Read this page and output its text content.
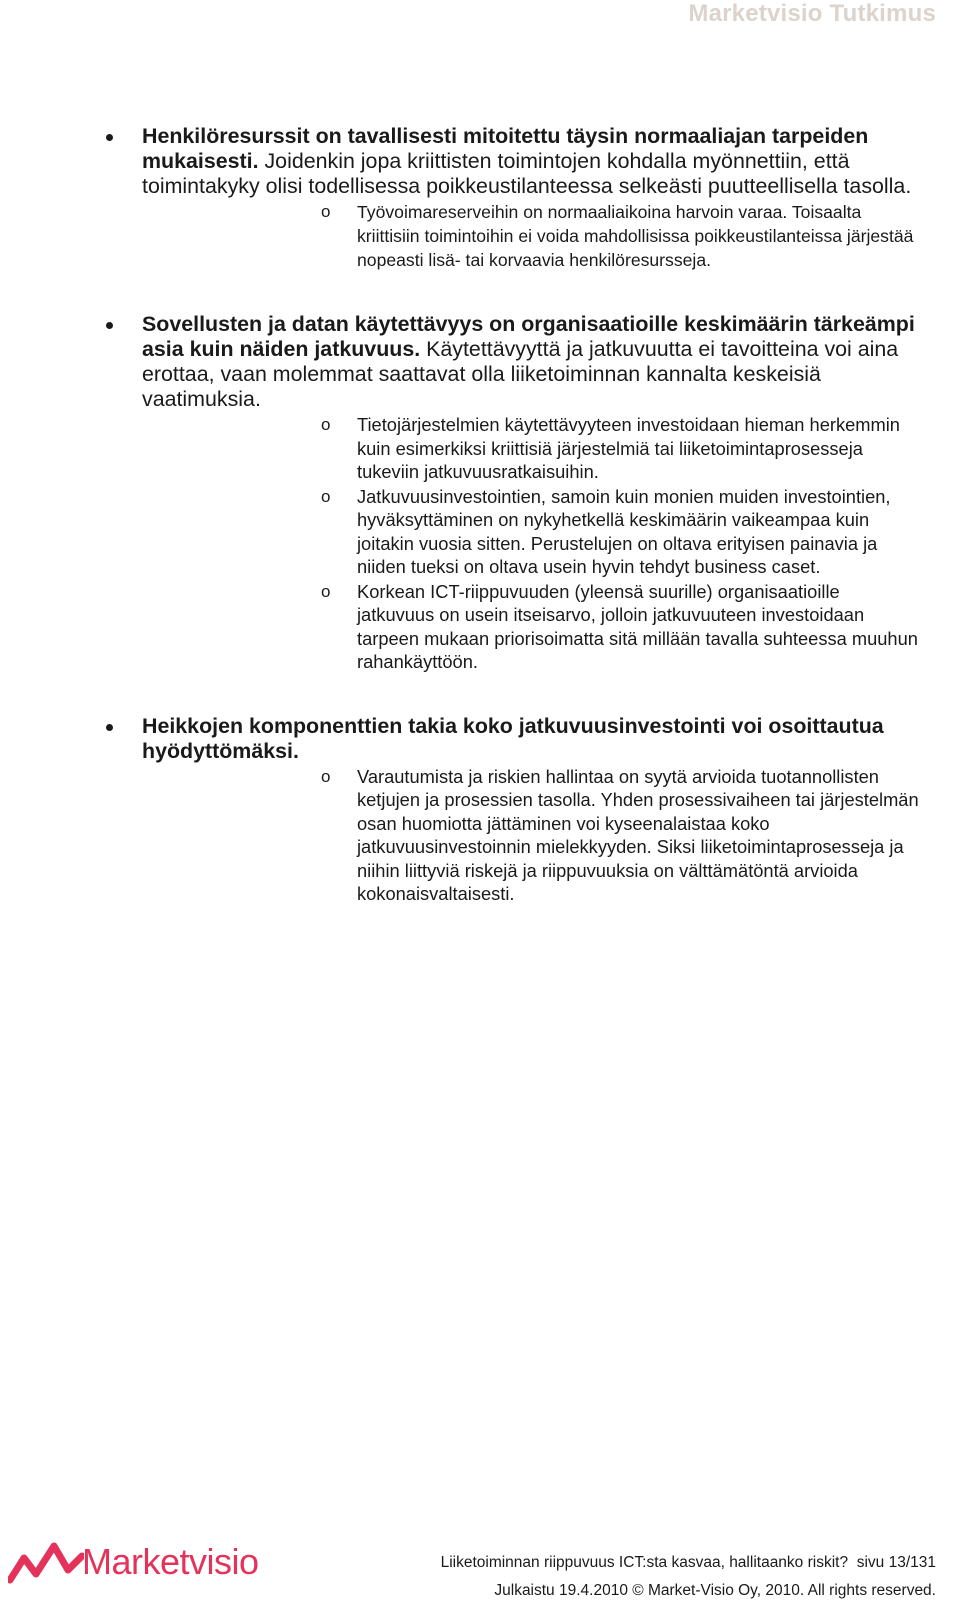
Marketvisio Tutkimus
Henkilöresurssit on tavallisesti mitoitettu täysin normaaliajan tarpeiden mukaisesti. Joidenkin jopa kriittisten toimintojen kohdalla myönnettiin, että toimintakyky olisi todellisessa poikkeustilanteessa selkeästi puutteellisella tasolla.
o Työvoimareserveihin on normaaliaikoina harvoin varaa. Toisaalta kriittisiin toimintoihin ei voida mahdollisissa poikkeustilanteissa järjestää nopeasti lisä- tai korvaavia henkilöresursseja.
Sovellusten ja datan käytettävyys on organisaatioille keskimäärin tärkeämpi asia kuin näiden jatkuvuus. Käytettävyyttä ja jatkuvuutta ei tavoitteina voi aina erottaa, vaan molemmat saattavat olla liiketoiminnan kannalta keskeisiä vaatimuksia.
o Tietojärjestelmien käytettävyyteen investoidaan hieman herkemmin kuin esimerkiksi kriittisiä järjestelmiä tai liiketoimintaprosesseja tukeviin jatkuvuusratkaisuihin.
o Jatkuvuusinvestointien, samoin kuin monien muiden investointien, hyväksyttäminen on nykyhetkellä keskimäärin vaikeampaa kuin joitakin vuosia sitten. Perustelujen on oltava erityisen painavia ja niiden tueksi on oltava usein hyvin tehdyt business caset.
o Korkean ICT-riippuvuuden (yleensä suurille) organisaatioille jatkuvuus on usein itseisarvo, jolloin jatkuvuuteen investoidaan tarpeen mukaan priorisoimatta sitä millään tavalla suhteessa muuhun rahankäyttöön.
Heikkojen komponenttien takia koko jatkuvuusinvestointi voi osoittautua hyödyttömäksi.
o Varautumista ja riskien hallintaa on syytä arvioida tuotannollisten ketjujen ja prosessien tasolla. Yhden prosessivaiheen tai järjestelmän osan huomiotta jättäminen voi kyseenalaistaa koko jatkuvuusinvestoinnin mielekkyyden. Siksi liiketoimintaprosesseja ja niihin liittyviä riskejä ja riippuvuuksia on välttämätöntä arvioida kokonaisvaltaisesti.
Marketvisio	Liiketoiminnan riippuvuus ICT:sta kasvaa, hallitaanko riskit? sivu 13/131
Julkaistu 19.4.2010 © Market-Visio Oy, 2010. All rights reserved.
